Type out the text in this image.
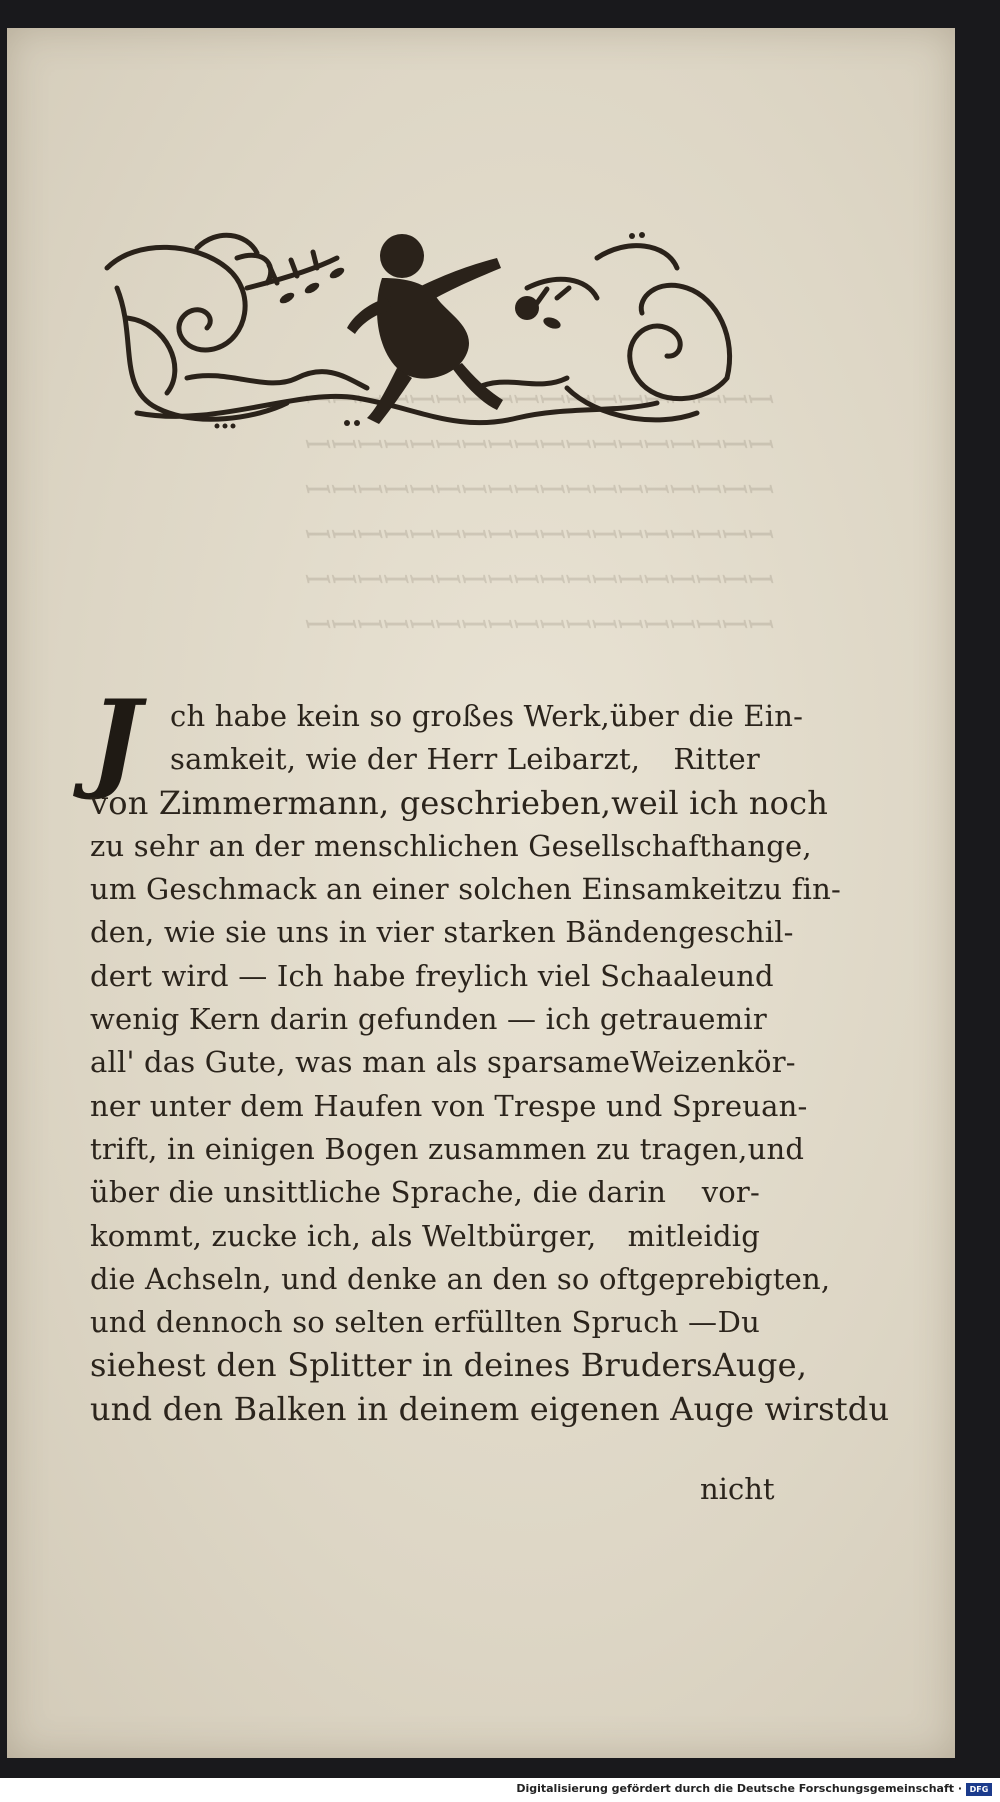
ꟷꟷꟷꟷꟷꟷꟷꟷꟷꟷꟷꟷꟷꟷꟷꟷꟷꟷ
ꟷꟷꟷꟷꟷꟷꟷꟷꟷꟷꟷꟷꟷꟷꟷꟷꟷꟷ
ꟷꟷꟷꟷꟷꟷꟷꟷꟷꟷꟷꟷꟷꟷꟷꟷꟷꟷ
ꟷꟷꟷꟷꟷꟷꟷꟷꟷꟷꟷꟷꟷꟷꟷꟷꟷꟷ
ꟷꟷꟷꟷꟷꟷꟷꟷꟷꟷꟷꟷꟷꟷꟷꟷꟷꟷ
ꟷꟷꟷꟷꟷꟷꟷꟷꟷꟷꟷꟷꟷꟷꟷꟷꟷꟷ
J ch habe kein so großes Werk, über die Ein-
samkeit, wie der Herr Leibarzt, Ritter
von Zimmermann, geschrieben, weil ich noch
zu sehr an der menschlichen Gesellschaft hange,
um Geschmack an einer solchen Einsamkeit zu fin-
den, wie sie uns in vier starken Bänden geschil-
dert wird — Ich habe freylich viel Schaale und
wenig Kern darin gefunden — ich getraue mir
all' das Gute, was man als sparsame Weizenkör-
ner unter dem Haufen von Trespe und Spreu an-
trift, in einigen Bogen zusammen zu tragen, und
über die unsittliche Sprache, die darin vor-
kommt, zucke ich, als Weltbürger, mitleidig
die Achseln, und denke an den so oft geprebigten,
und dennoch so selten erfüllten Spruch — Du
siehest den Splitter in deines Bruders Auge,
und den Balken in deinem eigenen Auge wirst du
nicht
Digitalisierung gefördert durch die Deutsche Forschungsgemeinschaft · DFG
